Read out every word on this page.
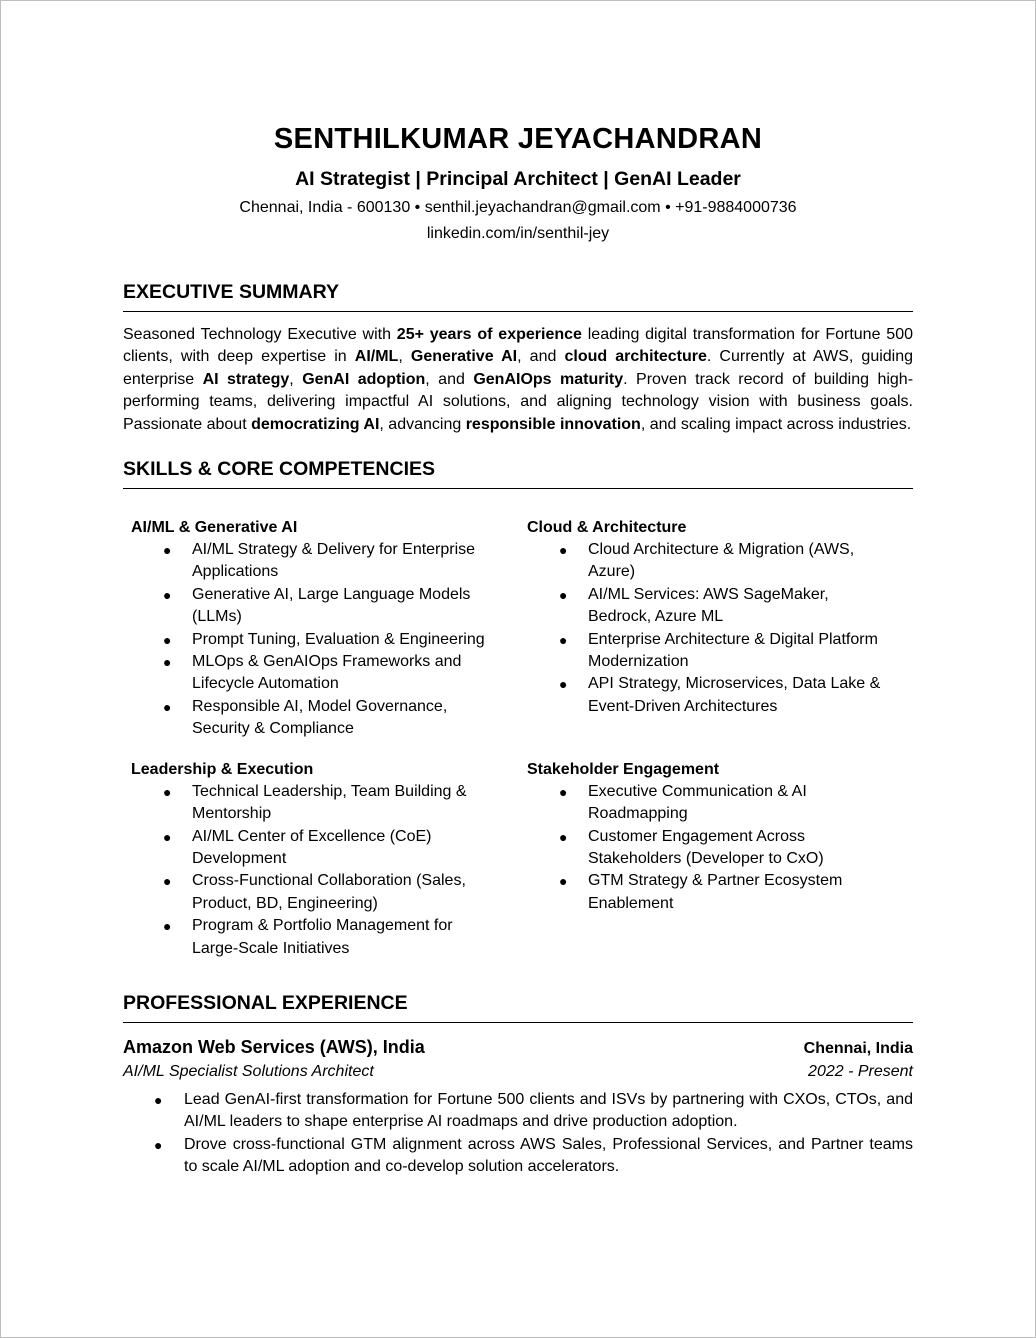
SENTHILKUMAR JEYACHANDRAN
AI Strategist | Principal Architect | GenAI Leader
Chennai, India - 600130 • senthil.jeyachandran@gmail.com • +91-9884000736
linkedin.com/in/senthil-jey
EXECUTIVE SUMMARY

Seasoned Technology Executive with 25+ years of experience leading digital transformation for Fortune 500 clients, with deep expertise in AI/ML, Generative AI, and cloud architecture. Currently at AWS, guiding enterprise AI strategy, GenAI adoption, and GenAIOps maturity. Proven track record of building high-performing teams, delivering impactful AI solutions, and aligning technology vision with business goals. Passionate about democratizing AI, advancing responsible innovation, and scaling impact across industries.

SKILLS & CORE COMPETENCIES
AI/ML & Generative AI
● AI/ML Strategy & Delivery for Enterprise
Applications
● Generative AI, Large Language Models
(LLMs)
● Prompt Tuning, Evaluation & Engineering
● MLOps & GenAIOps Frameworks and
Lifecycle Automation
● Responsible AI, Model Governance,
Security & Compliance
Cloud & Architecture
● Cloud Architecture & Migration (AWS,
Azure)
● AI/ML Services: AWS SageMaker,
Bedrock, Azure ML
● Enterprise Architecture & Digital Platform
Modernization
● API Strategy, Microservices, Data Lake &
Event-Driven Architectures
Leadership & Execution
● Technical Leadership, Team Building &
Mentorship
● AI/ML Center of Excellence (CoE)
Development
● Cross-Functional Collaboration (Sales,
Product, BD, Engineering)
● Program & Portfolio Management for
Large-Scale Initiatives
Stakeholder Engagement
● Executive Communication & AI
Roadmapping
● Customer Engagement Across
Stakeholders (Developer to CxO)
● GTM Strategy & Partner Ecosystem
Enablement
PROFESSIONAL EXPERIENCE
Amazon Web Services (AWS), India	Chennai, India
AI/ML Specialist Solutions Architect	2022 - Present
● Lead GenAI-first transformation for Fortune 500 clients and ISVs by partnering with CXOs, CTOs, and AI/ML leaders to shape enterprise AI roadmaps and drive production adoption.
● Drove cross-functional GTM alignment across AWS Sales, Professional Services, and Partner teams to scale AI/ML adoption and co-develop solution accelerators.
